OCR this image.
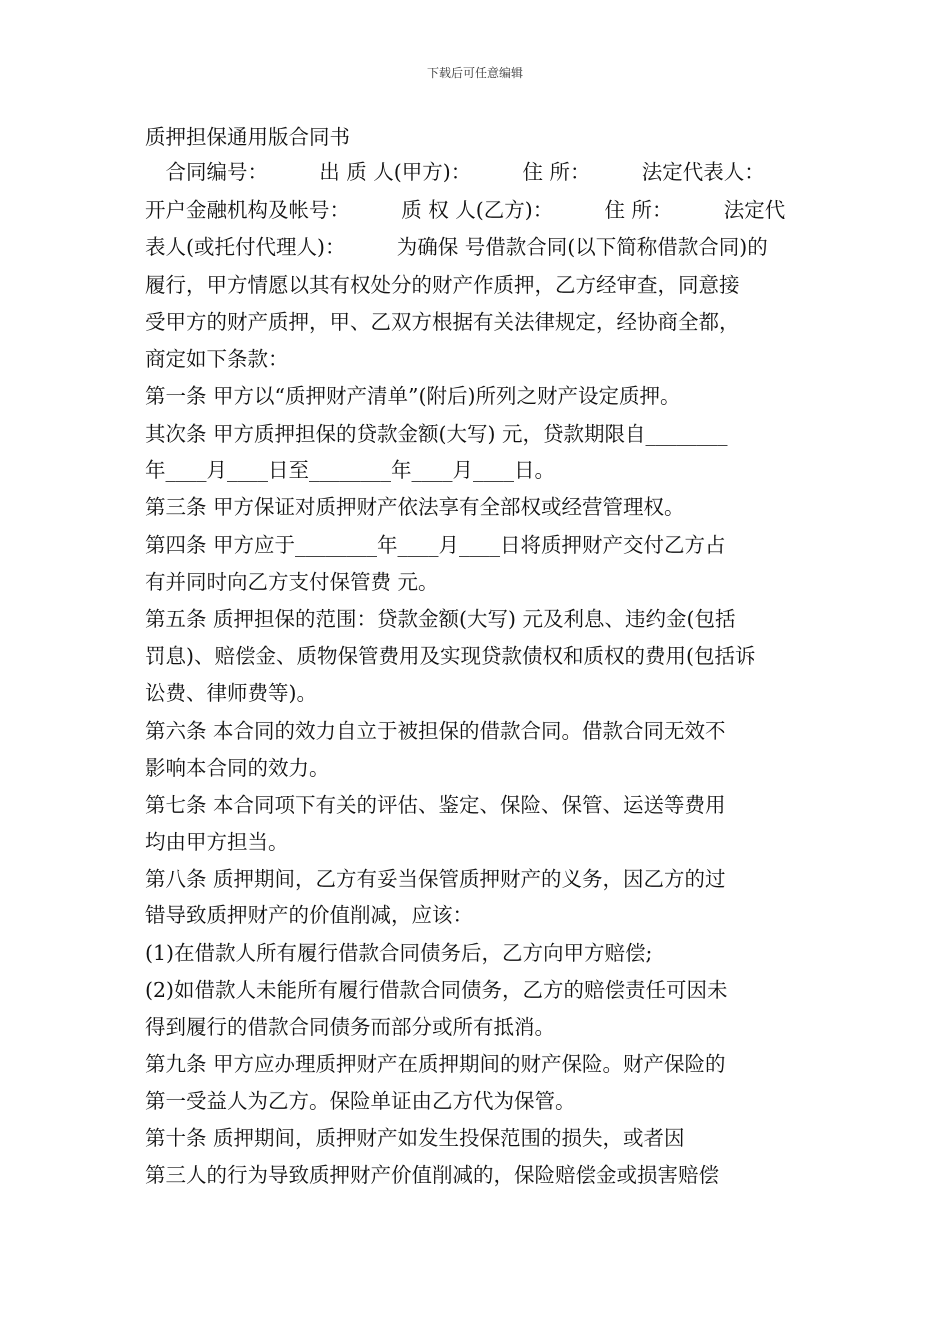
下载后可任意编辑
质押担保通用版合同书
　合同编号：　　　出 质 人(甲方)：　　　住 所：　　　法定代表人：
开户金融机构及帐号：　　　质 权 人(乙方)：　　　住 所：　　　法定代
表人(或托付代理人)：　　　为确保 号借款合同(以下简称借款合同)的
履行，甲方情愿以其有权处分的财产作质押，乙方经审查，同意接
受甲方的财产质押，甲、乙双方根据有关法律规定，经协商全都，
商定如下条款：
第一条 甲方以“质押财产清单”(附后)所列之财产设定质押。
其次条 甲方质押担保的贷款金额(大写) 元，贷款期限自________
年____月____日至________年____月____日。
第三条 甲方保证对质押财产依法享有全部权或经营管理权。
第四条 甲方应于________年____月____日将质押财产交付乙方占
有并同时向乙方支付保管费 元。
第五条 质押担保的范围：贷款金额(大写) 元及利息、违约金(包括
罚息)、赔偿金、质物保管费用及实现贷款债权和质权的费用(包括诉
讼费、律师费等)。
第六条 本合同的效力自立于被担保的借款合同。借款合同无效不
影响本合同的效力。
第七条 本合同项下有关的评估、鉴定、保险、保管、运送等费用
均由甲方担当。
第八条 质押期间，乙方有妥当保管质押财产的义务，因乙方的过
错导致质押财产的价值削减，应该：
(1)在借款人所有履行借款合同债务后，乙方向甲方赔偿;
(2)如借款人未能所有履行借款合同债务，乙方的赔偿责任可因未
得到履行的借款合同债务而部分或所有抵消。
第九条 甲方应办理质押财产在质押期间的财产保险。财产保险的
第一受益人为乙方。保险单证由乙方代为保管。
第十条 质押期间，质押财产如发生投保范围的损失，或者因
第三人的行为导致质押财产价值削减的，保险赔偿金或损害赔偿
